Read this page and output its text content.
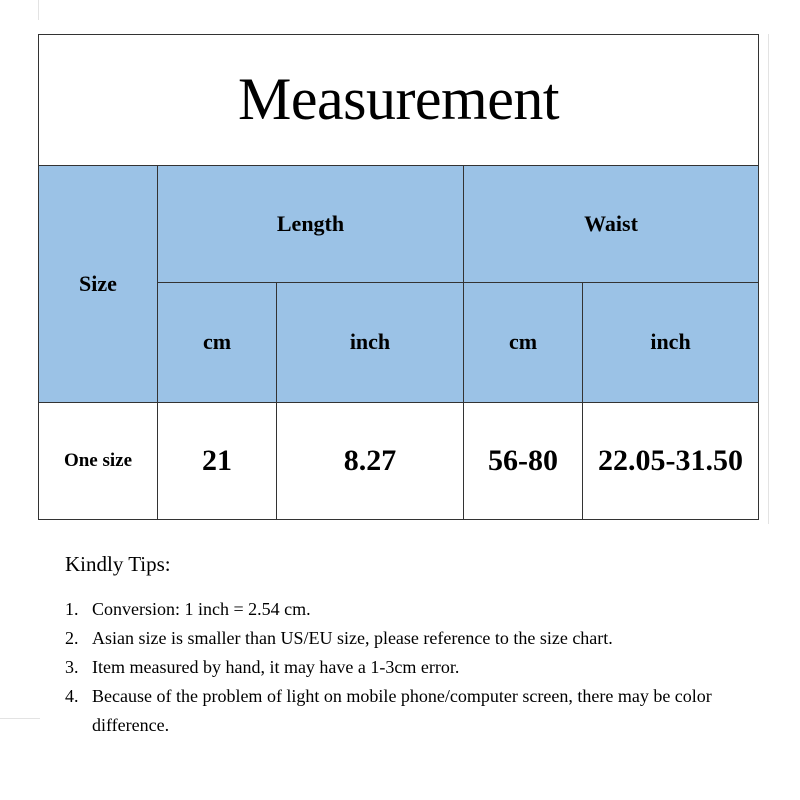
Measurement				
Size	Length		Waist	
	cm	inch	cm	inch
One size	21	8.27	56-80	22.05-31.50

Kindly Tips:

1. Conversion: 1 inch = 2.54 cm.
2. Asian size is smaller than US/EU size, please reference to the size chart.
3. Item measured by hand, it may have a 1-3cm error.
4. Because of the problem of light on mobile phone/computer screen, there may be color difference.
